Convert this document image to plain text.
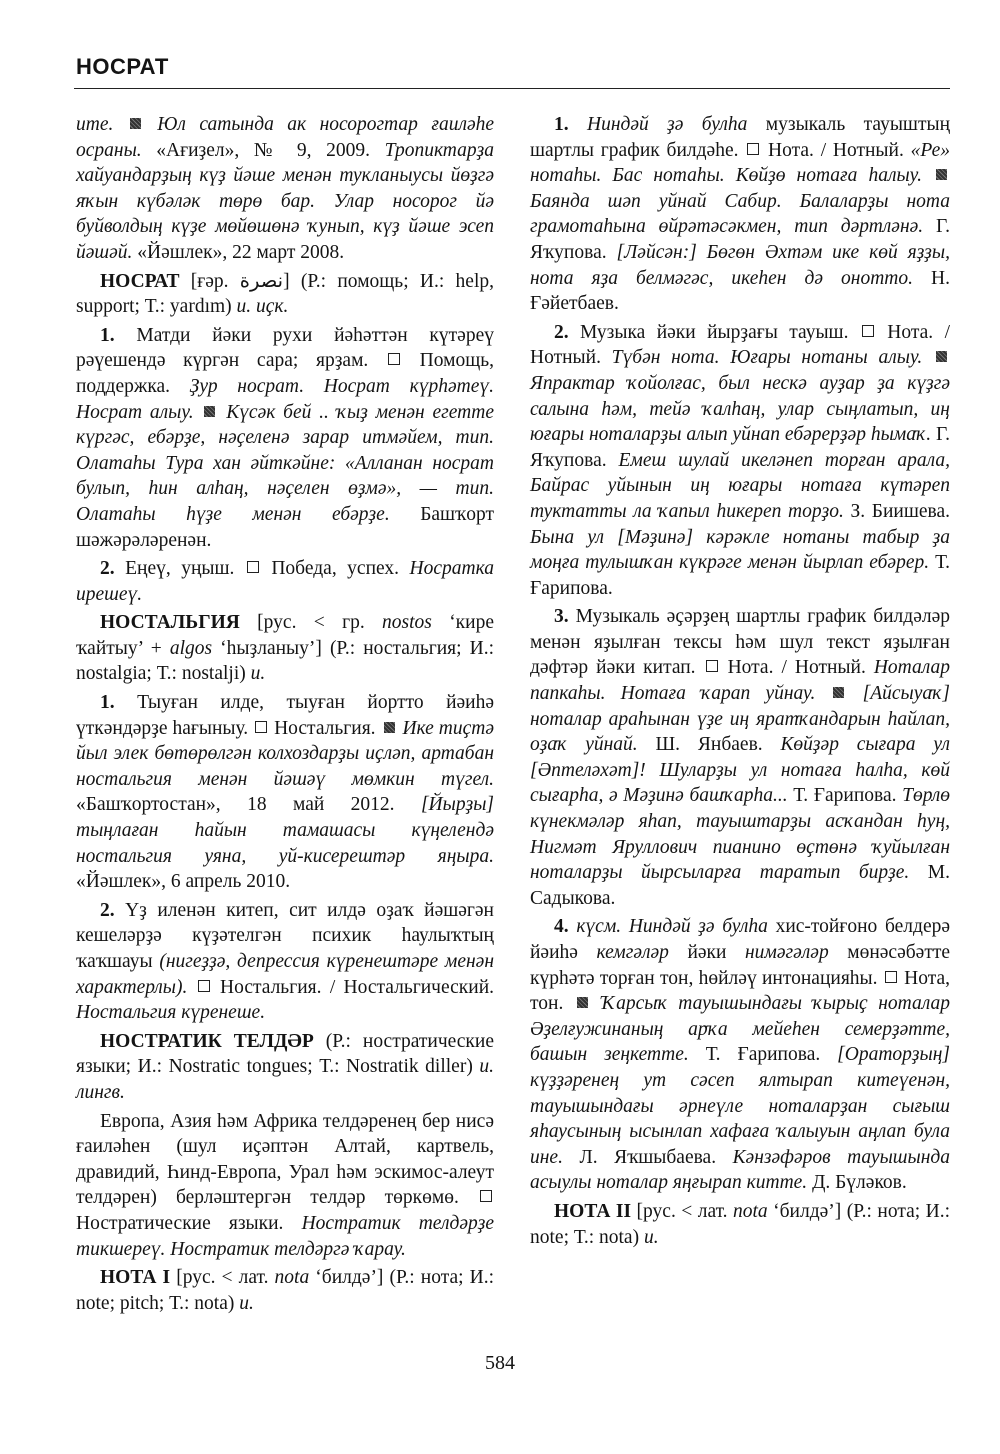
НОСРАТ

ите.  Юл сатында ак носорогтар ғаиләһе осраны. «Ағиҙел», № 9, 2009. Тропиктарҙа хайуандарҙың күҙ йәше менән тукланыусы йөҙгә яҡын күбәләк төрө бар. Улар носорог йә буйволдың күҙе мөйөшөнә ҡунып, күҙ йәше эсеп йәшәй. «Йәшлек», 22 март 2008.

НОСРАТ [ғәр. نصرة] (Р.: помощь; И.: help, support; Т.: yardım) и. иҫк.

1. Матди йәки рухи йәһәттән күтәреү рәүешендә күргән сара; ярҙам.  Помощь, поддержка. Ҙур носрат. Носрат күрһәтеү. Носрат алыу.  Күсәк бей .. ҡыҙ менән егетте күргәс, ебәрҙе, нәҫеленә зарар итмәйем, тип. Олатаһы Тура хан әйткәйне: «Алланан носрат булып, һин алһаң, нәҫелен өҙмә», — тип. Олатаһы һүҙе менән ебәрҙе. Башҡорт шәжәрәләренән.

2. Еңеү, уңыш.  Победа, успех. Носратка ирешеү.

НОСТАЛЬГИЯ [рус. < гр. nostos ‘кире ҡайтыу’ + algos ‘һыҙланыу’] (Р.: ностальгия; И.: nostalgia; Т.: nostalji) и.

1. Тыуған илде, тыуған йортто йәиһә үткәндәрҙе һағыныу.  Ностальгия.  Ике тиҫтә йыл элек бөтөрөлгән колхоздарҙы иҫләп, артабан ностальгия менән йәшәү мөмкин түгел. «Башҡортостан», 18 май 2012. [Йырҙы] тыңлаған һайын тамашасы күңелендә ностальгия уяна, уй-кисерештәр яңыра. «Йәшлек», 6 апрель 2010.

2. Үҙ иленән китеп, сит илдә оҙаҡ йәшәгән кешеләрҙә күҙәтелгән психик һаулыҡтың ҡаҡшауы (нигеҙҙә, депрессия күренештәре менән характерлы).  Ностальгия. / Ностальгический. Ностальгия күренеше.

НОСТРАТИК ТЕЛДӘР (Р.: ностратические языки; И.: Nostratic tongues; Т.: Nostratik diller) и. лингв.

Европа, Азия һәм Африка телдәренең бер нисә ғаиләһен (шул иҫәптән Алтай, картвель, дравидий, Һинд-Европа, Урал һәм эскимос-алеут телдәрен) берләштергән телдәр төркөмө.  Ностратические языки. Ностратик телдәрҙе тикшереү. Ностратик телдәргә ҡарау.

НОТА I [рус. < лат. nota ‘билдә’] (Р.: нота; И.: note; pitch; Т.: nota) и.

1. Ниндәй ҙә булһа музыкаль тауыштың шартлы график билдәһе.  Нота. / Нотный. «Ре» нотаһы. Бас нотаһы. Көйҙө нотаға һалыу.  Баянда шәп уйнай Сабир. Балаларҙы нота грамотаһына өйрәтәсәкмен, тип дәртләнә. Г. Яҡупова. [Ләйсән:] Бөгөн Әхтәм ике көй яҙҙы, нота яҙа белмәгәс, икеһен дә онотто. Н. Ғәйетбаев.

2. Музыка йәки йырҙағы тауыш.  Нота. / Нотный. Түбән нота. Юғары нотаны алыу.  Япрактар ҡойолғас, был нескә ауҙар ҙа күҙгә салына һәм, тейә ҡалһаң, улар сыңлатып, иң юғары ноталарҙы алып уйнап ебәрерҙәр һымаҡ. Г. Яҡупова. Емеш шулай икеләнеп торған арала, Байрас уйынын иң юғары нотаға күтәреп туктатты ла ҡапыл һикереп торҙо. З. Биишева. Бына ул [Мәҙинә] кәрәкле нотаны табыр ҙа моңға тулышҡан күкрәге менән йырлап ебәрер. Т. Ғарипова.

3. Музыкаль әҫәрҙең шартлы график билдәләр менән яҙылған тексы һәм шул текст яҙылған дәфтәр йәки китап.  Нота. / Нотный. Ноталар папкаһы. Нотаға ҡарап уйнау.  [Айсыуаҡ] ноталар араһынан үҙе иң яратҡандарын һайлап, оҙаҡ уйнай. Ш. Янбаев. Көйҙәр сығара ул [Әптеләхәт]! Шуларҙы ул нотаға һалһа, көй сығарһа, ә Мәҙинә башҡарһа... Т. Ғарипова. Төрлө күнекмәләр яһап, тауыштарҙы асҡандан һуң, Нигмәт Яруллович пианино өҫтөнә ҡуйылған ноталарҙы йырсыларға таратып бирҙе. М. Садыкова.

4. күсм. Ниндәй ҙә булһа хис-тойғоно белдерә йәиһә кемгәләр йәки нимәгәләр мөнәсәбәтте күрһәтә торған тон, һөйләү интонацияһы.  Нота, тон.  Ҡарсыҡ тауышындағы ҡырыҫ ноталар Әҙелғужинаның арҡа мейеһен семерҙәтте, башын зеңкетте. Т. Ғарипова. [Ораторҙың] күҙҙәренең ут сәсеп ялтырап китеүенән, тауышындағы әрнеүле ноталарҙан сығыш яһаусының ысынлап хафаға ҡалыуын аңлап була ине. Л. Яҡшыбаева. Кәнзәфәров тауышында асыулы ноталар яңғырап китте. Д. Бүләков.

НОТА II [рус. < лат. nota ‘билдә’] (Р.: нота; И.: note; Т.: nota) и.

584
